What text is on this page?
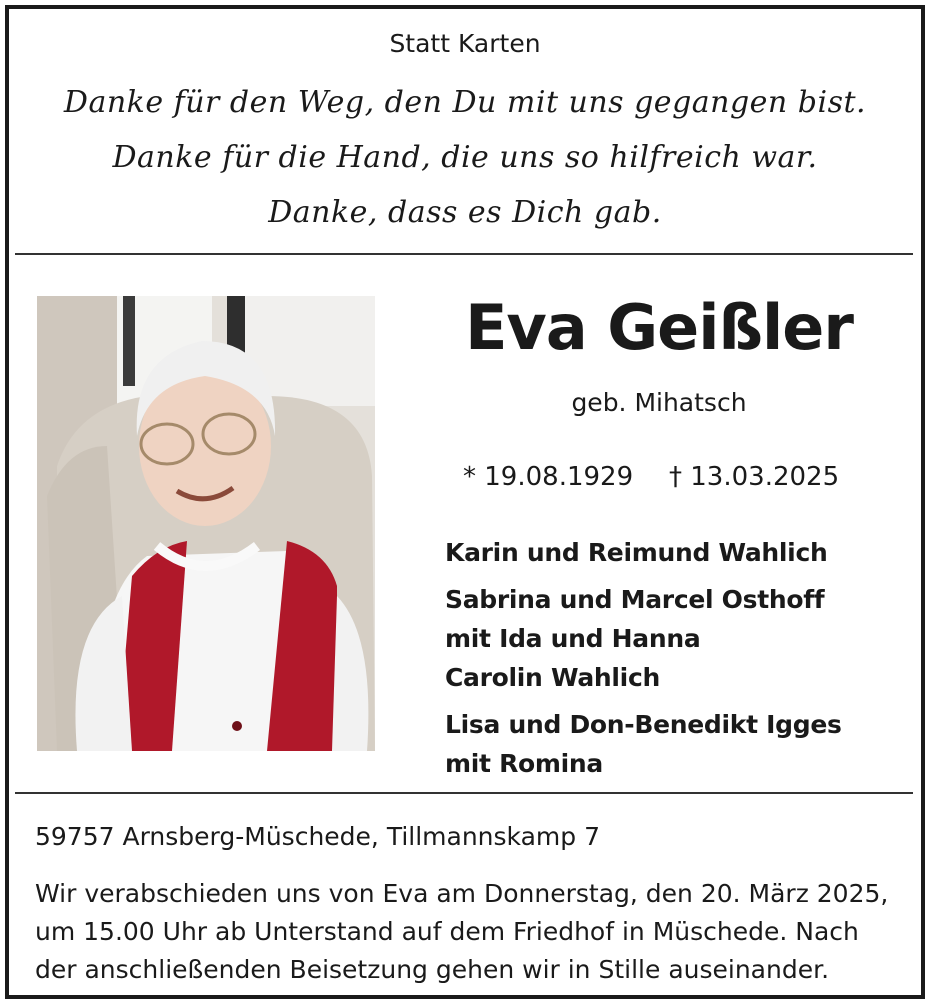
Statt Karten
Danke für den Weg, den Du mit uns gegangen bist.
Danke für die Hand, die uns so hilfreich war.
Danke, dass es Dich gab.
Eva Geißler
geb. Mihatsch
* 19.08.1929 † 13.03.2025
Karin und Reimund Wahlich
Sabrina und Marcel Osthoff
mit Ida und Hanna
Carolin Wahlich
Lisa und Don-Benedikt Igges
mit Romina
59757 Arnsberg-Müschede, Tillmannskamp 7
Wir verabschieden uns von Eva am Donnerstag, den 20. März 2025,
um 15.00 Uhr ab Unterstand auf dem Friedhof in Müschede. Nach
der anschließenden Beisetzung gehen wir in Stille auseinander.
